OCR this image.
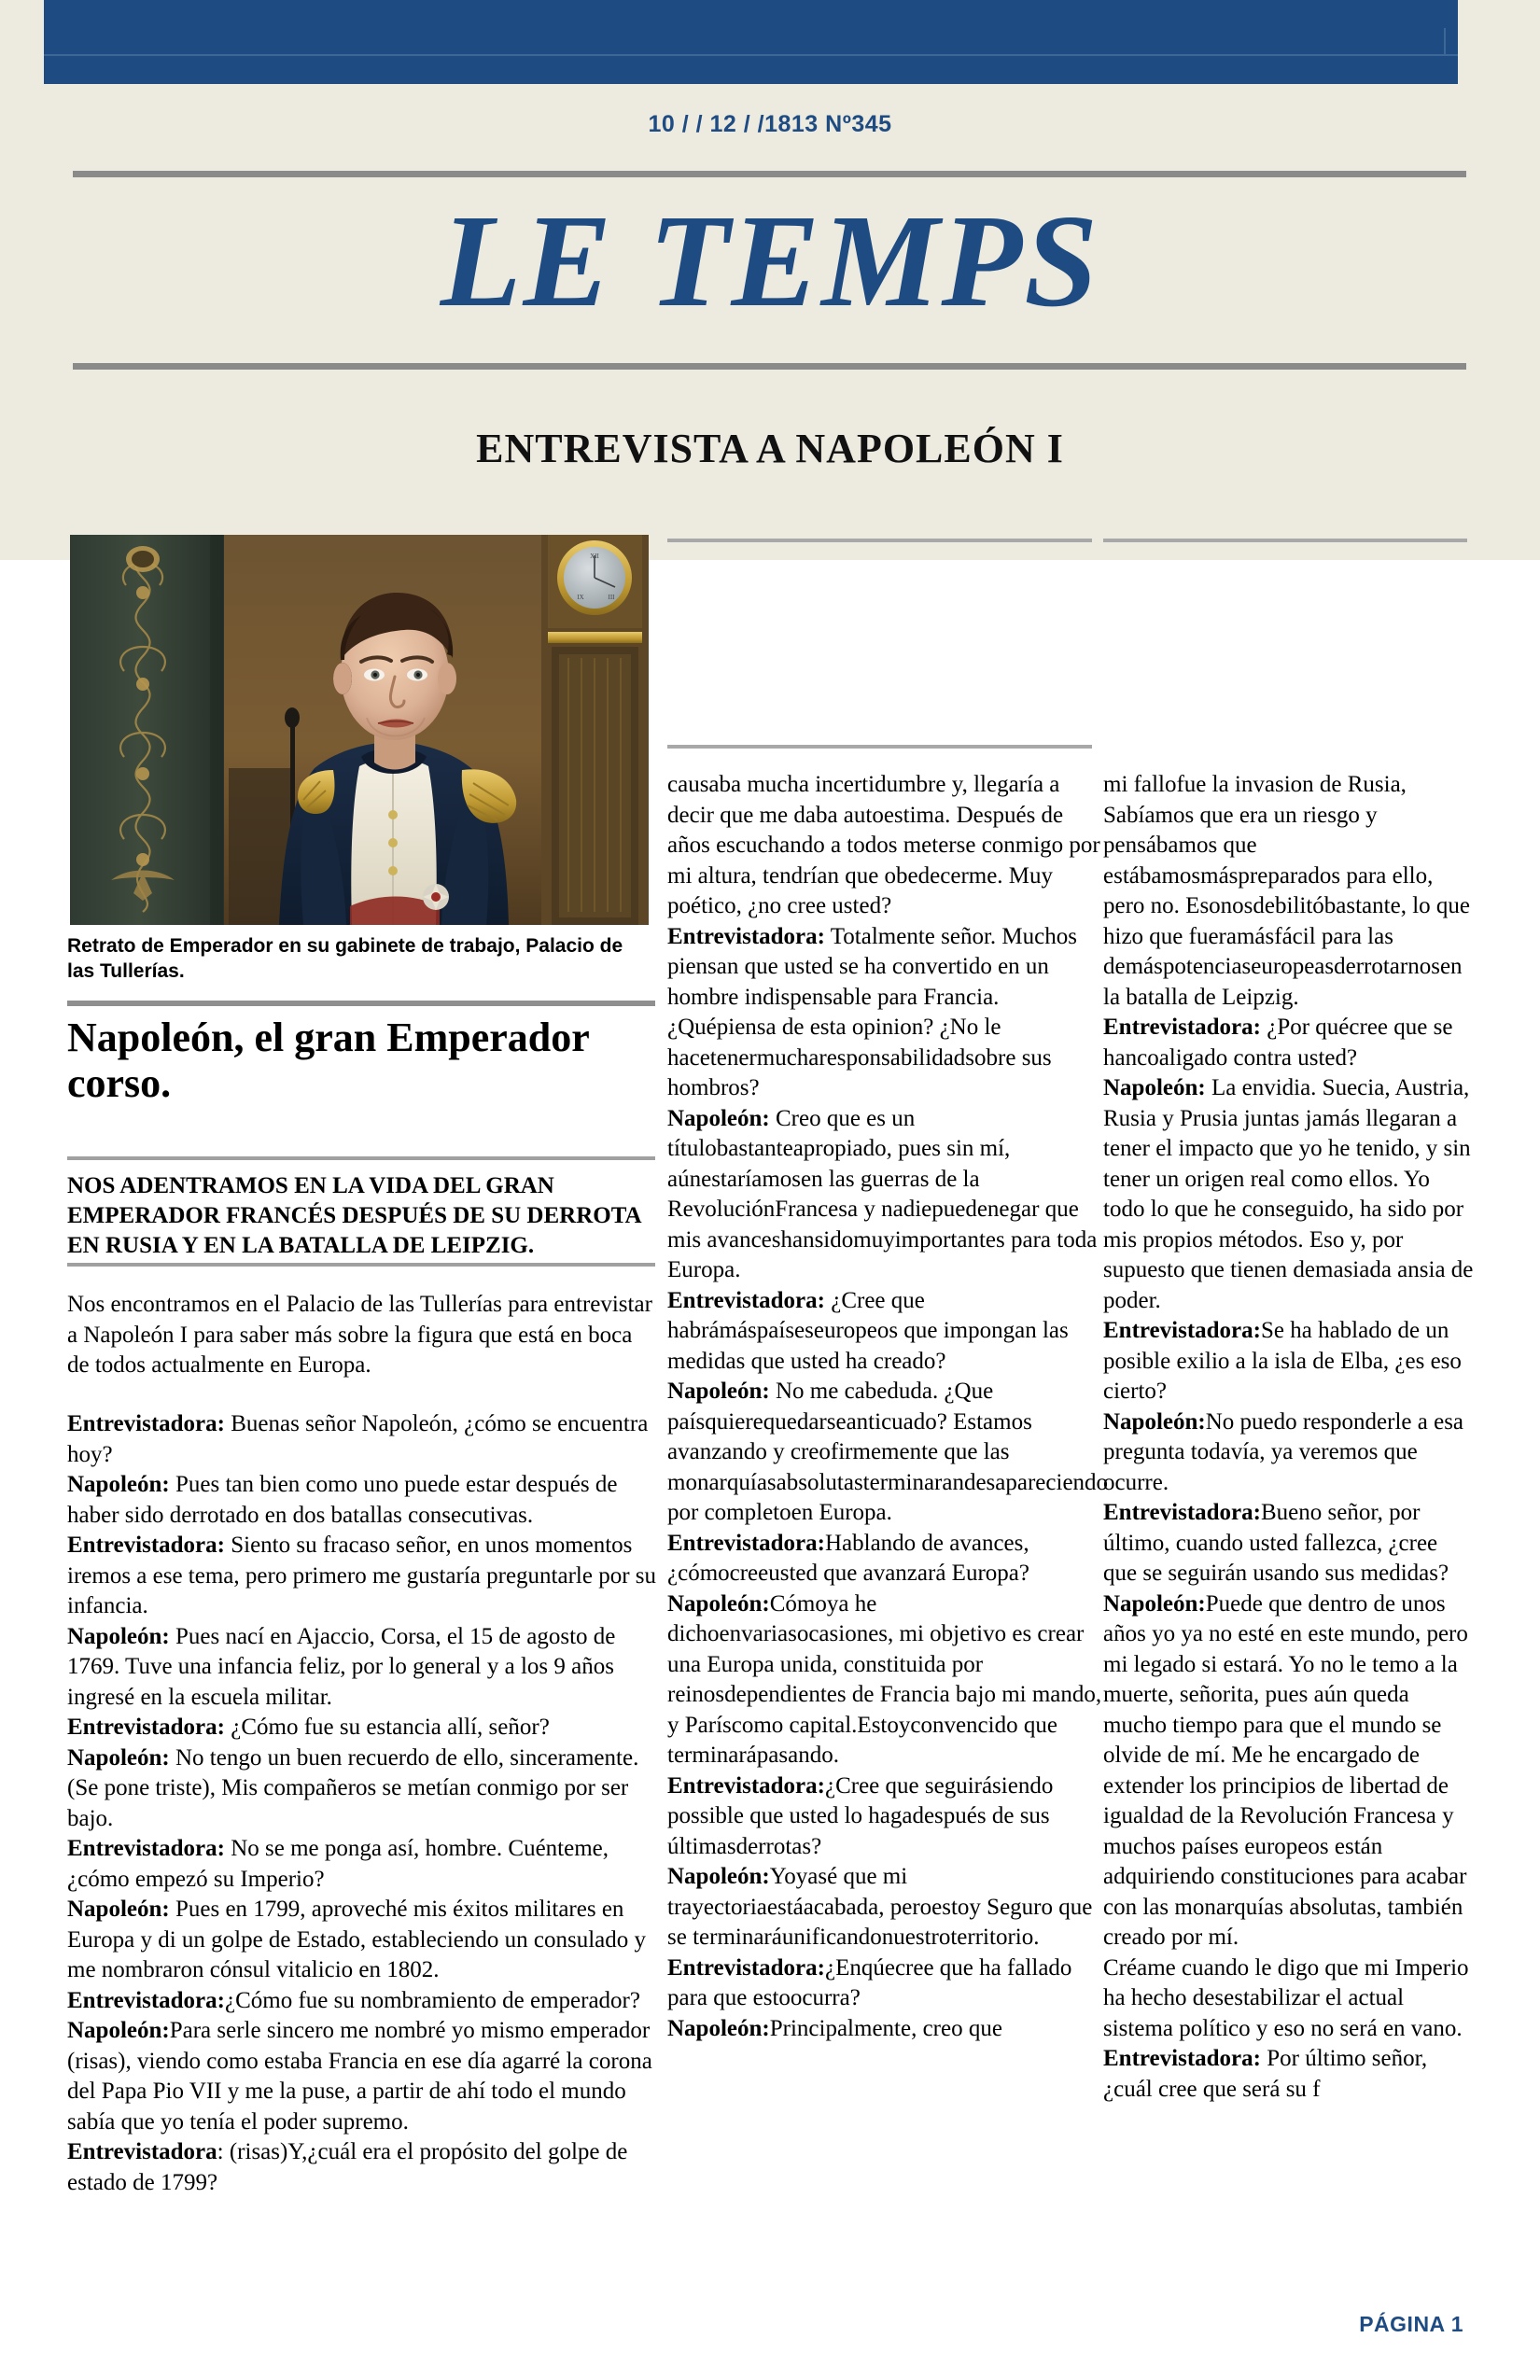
10 / / 12 / /1813 Nº345
LE TEMPS
ENTREVISTA A NAPOLEÓN I
XII
IX	III
Retrato de Emperador en su gabinete de trabajo, Palacio de las Tullerías.
Napoleón, el gran Emperador corso.
NOS ADENTRAMOS EN LA VIDA DEL GRAN EMPERADOR FRANCÉS DESPUÉS DE SU DERROTA EN RUSIA Y EN LA BATALLA DE LEIPZIG.
Nos encontramos en el Palacio de las Tullerías para entrevistar a Napoleón I para saber más sobre la figura que está en boca de todos actualmente en Europa.

Entrevistadora: Buenas señor Napoleón, ¿cómo se encuentra hoy?

Napoleón: Pues tan bien como uno puede estar después de haber sido derrotado en dos batallas consecutivas.

Entrevistadora: Siento su fracaso señor, en unos momentos iremos a ese tema, pero primero me gustaría preguntarle por su infancia.

Napoleón: Pues nací en Ajaccio, Corsa, el 15 de agosto de 1769. Tuve una infancia feliz, por lo general y a los 9 años ingresé en la escuela militar.

Entrevistadora: ¿Cómo fue su estancia allí, señor?

Napoleón: No tengo un buen recuerdo de ello, sinceramente. (Se pone triste), Mis compañeros se metían conmigo por ser bajo.

Entrevistadora: No se me ponga así, hombre. Cuénteme, ¿cómo empezó su Imperio?

Napoleón: Pues en 1799, aproveché mis éxitos militares en Europa y di un golpe de Estado, estableciendo un consulado y me nombraron cónsul vitalicio en 1802.

Entrevistadora:¿Cómo fue su nombramiento de emperador?

Napoleón:Para serle sincero me nombré yo mismo emperador (risas), viendo como estaba Francia en ese día agarré la corona del Papa Pio VII y me la puse, a partir de ahí todo el mundo sabía que yo tenía el poder supremo.

Entrevistadora: (risas)Y,¿cuál era el propósito del golpe de estado de 1799?

causaba mucha incertidumbre y, llegaría a decir que me daba autoestima. Después de años escuchando a todos meterse conmigo por mi altura, tendrían que obedecerme. Muy poético, ¿no cree usted?

Entrevistadora: Totalmente señor. Muchos piensan que usted se ha convertido en un hombre indispensable para Francia. ¿Quépiensa de esta opinion? ¿No le hacetenermucharesponsabilidadsobre sus hombros?

Napoleón: Creo que es un títulobastanteapropiado, pues sin mí, aúnestaríamosen las guerras de la RevoluciónFrancesa y nadiepuedenegar que mis avanceshansidomuyimportantes para toda Europa.

Entrevistadora: ¿Cree que habrámáspaíseseuropeos que impongan las medidas que usted ha creado?

Napoleón: No me cabeduda. ¿Que paísquierequedarseanticuado? Estamos avanzando y creofirmemente que las monarquíasabsolutasterminarandesapareciendo por completoen Europa.

Entrevistadora:Hablando de avances, ¿cómocreeusted que avanzará Europa?

Napoleón:Cómoya he dichoenvariasocasiones, mi objetivo es crear una Europa unida, constituida por reinosdependientes de Francia bajo mi mando, y Paríscomo capital.Estoyconvencido que terminarápasando.

Entrevistadora:¿Cree que seguirásiendo possible que usted lo hagadespués de sus últimasderrotas?

Napoleón:Yoyasé que mi trayectoriaestáacabada, peroestoy Seguro que se terminaráunificandonuestroterritorio.

Entrevistadora:¿Enqúecree que ha fallado para que estoocurra?

Napoleón:Principalmente, creo que

mi fallofue la invasion de Rusia, Sabíamos que era un riesgo y pensábamos que estábamosmáspreparados para ello, pero no. Esonosdebilitóbastante, lo que hizo que fueramásfácil para las demáspotenciaseuropeasderrotarnosen la batalla de Leipzig.

Entrevistadora: ¿Por quécree que se hancoaligado contra usted?

Napoleón: La envidia. Suecia, Austria, Rusia y Prusia juntas jamás llegaran a tener el impacto que yo he tenido, y sin tener un origen real como ellos. Yo todo lo que he conseguido, ha sido por mis propios métodos. Eso y, por supuesto que tienen demasiada ansia de poder.

Entrevistadora:Se ha hablado de un posible exilio a la isla de Elba, ¿es eso cierto?

Napoleón:No puedo responderle a esa pregunta todavía, ya veremos que ocurre.

Entrevistadora:Bueno señor, por último, cuando usted fallezca, ¿cree que se seguirán usando sus medidas?

Napoleón:Puede que dentro de unos años yo ya no esté en este mundo, pero mi legado si estará. Yo no le temo a la muerte, señorita, pues aún queda mucho tiempo para que el mundo se olvide de mí. Me he encargado de extender los principios de libertad de igualdad de la Revolución Francesa y muchos países europeos están adquiriendo constituciones para acabar con las monarquías absolutas, también creado por mí.

Créame cuando le digo que mi Imperio ha hecho desestabilizar el actual sistema político y eso no será en vano.

Entrevistadora: Por último señor, ¿cuál cree que será su f

PÁGINA 1
